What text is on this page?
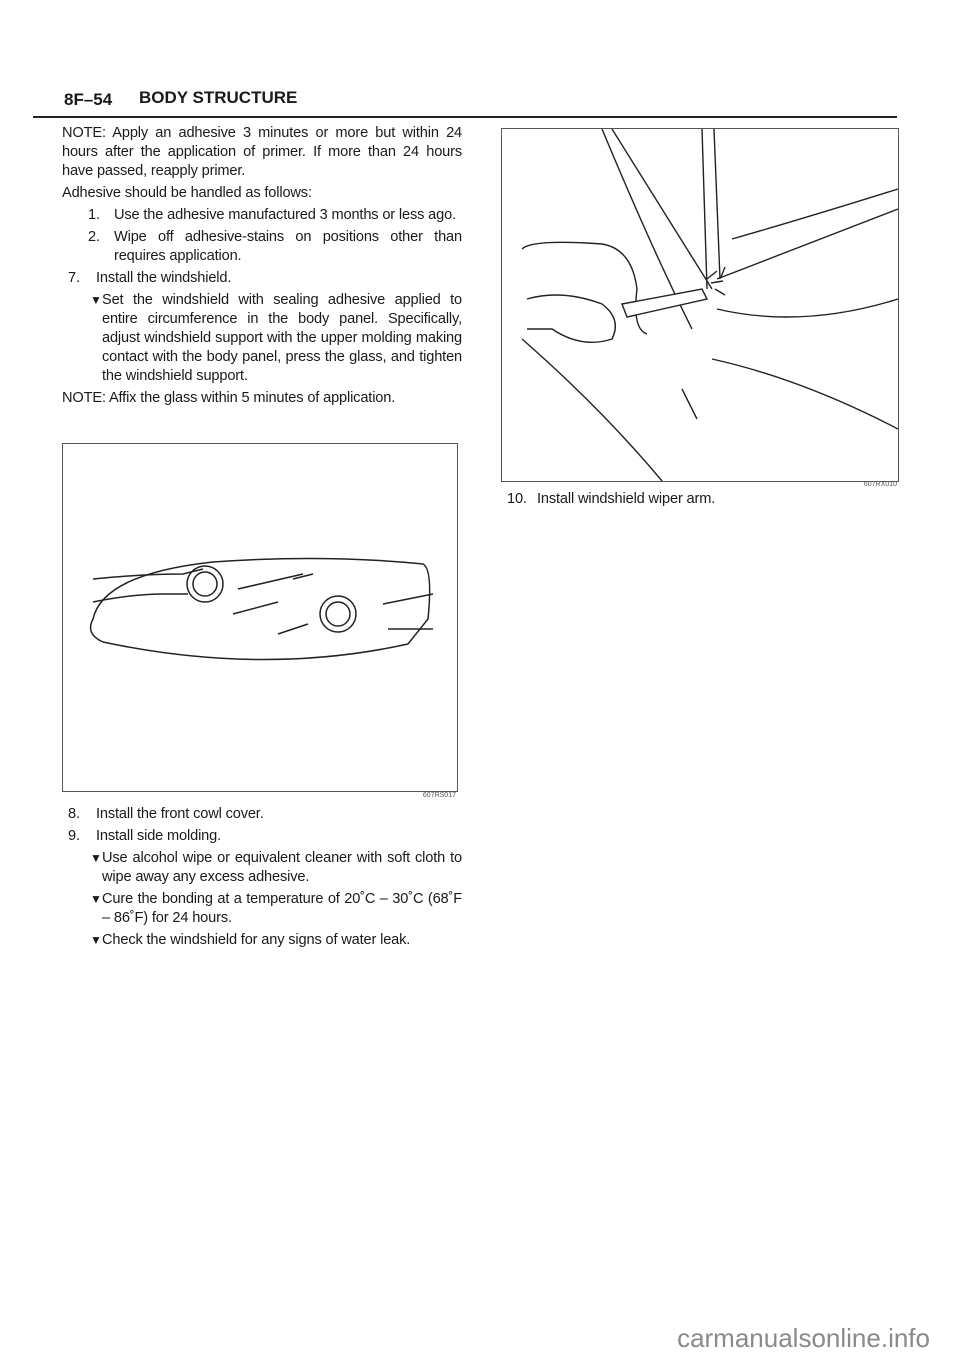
8F–54 BODY STRUCTURE

NOTE: Apply an adhesive 3 minutes or more but within 24 hours after the application of primer. If more than 24 hours have passed, reapply primer.

Adhesive should be handled as follows:

1. Use the adhesive manufactured 3 months or less ago.
2. Wipe off adhesive-stains on positions other than requires application.
7.	Install the windshield.
▼ Set the windshield with sealing adhesive applied to entire circumference in the body panel. Specifically, adjust windshield support with the upper molding making contact with the body panel, press the glass, and tighten the windshield support.

NOTE: Affix the glass within 5 minutes of application.

607RS017
8.	Install the front cowl cover.
9.	Install side molding.
▼ Use alcohol wipe or equivalent cleaner with soft cloth to wipe away any excess adhesive.
▼ Cure the bonding at a temperature of 20˚C – 30˚C (68˚F – 86˚F) for 24 hours.
▼ Check the windshield for any signs of water leak.
607RX010
10. Install windshield wiper arm.
carmanualsonline.info
